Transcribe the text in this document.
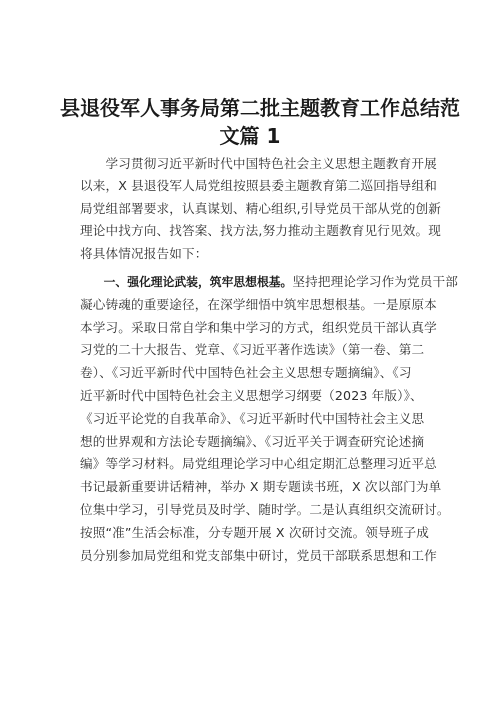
县退役军人事务局第二批主题教育工作总结范
文篇 1
　　学习贯彻习近平新时代中国特色社会主义思想主题教育开展
以来，X 县退役军人局党组按照县委主题教育第二巡回指导组和
局党组部署要求，认真谋划、精心组织,引导党员干部从党的创新
理论中找方向、找答案、找方法,努力推动主题教育见行见效。现
将具体情况报告如下：
　　一、强化理论武装，筑牢思想根基。坚持把理论学习作为党员干部
凝心铸魂的重要途径，在深学细悟中筑牢思想根基。一是原原本
本学习。采取日常自学和集中学习的方式，组织党员干部认真学
习党的二十大报告、党章、《习近平著作选读》（第一卷、第二
卷）、《习近平新时代中国特色社会主义思想专题摘编》、《习
近平新时代中国特色社会主义思想学习纲要（2023 年版）》、
《习近平论党的自我革命》、《习近平新时代中国特社会主义思
想的世界观和方法论专题摘编》、《习近平关于调查研究论述摘
编》等学习材料。局党组理论学习中心组定期汇总整理习近平总
书记最新重要讲话精神，举办 X 期专题读书班，X 次以部门为单
位集中学习，引导党员及时学、随时学。二是认真组织交流研讨。
按照“准”生活会标准，分专题开展 X 次研讨交流。领导班子成
员分别参加局党组和党支部集中研讨，党员干部联系思想和工作
